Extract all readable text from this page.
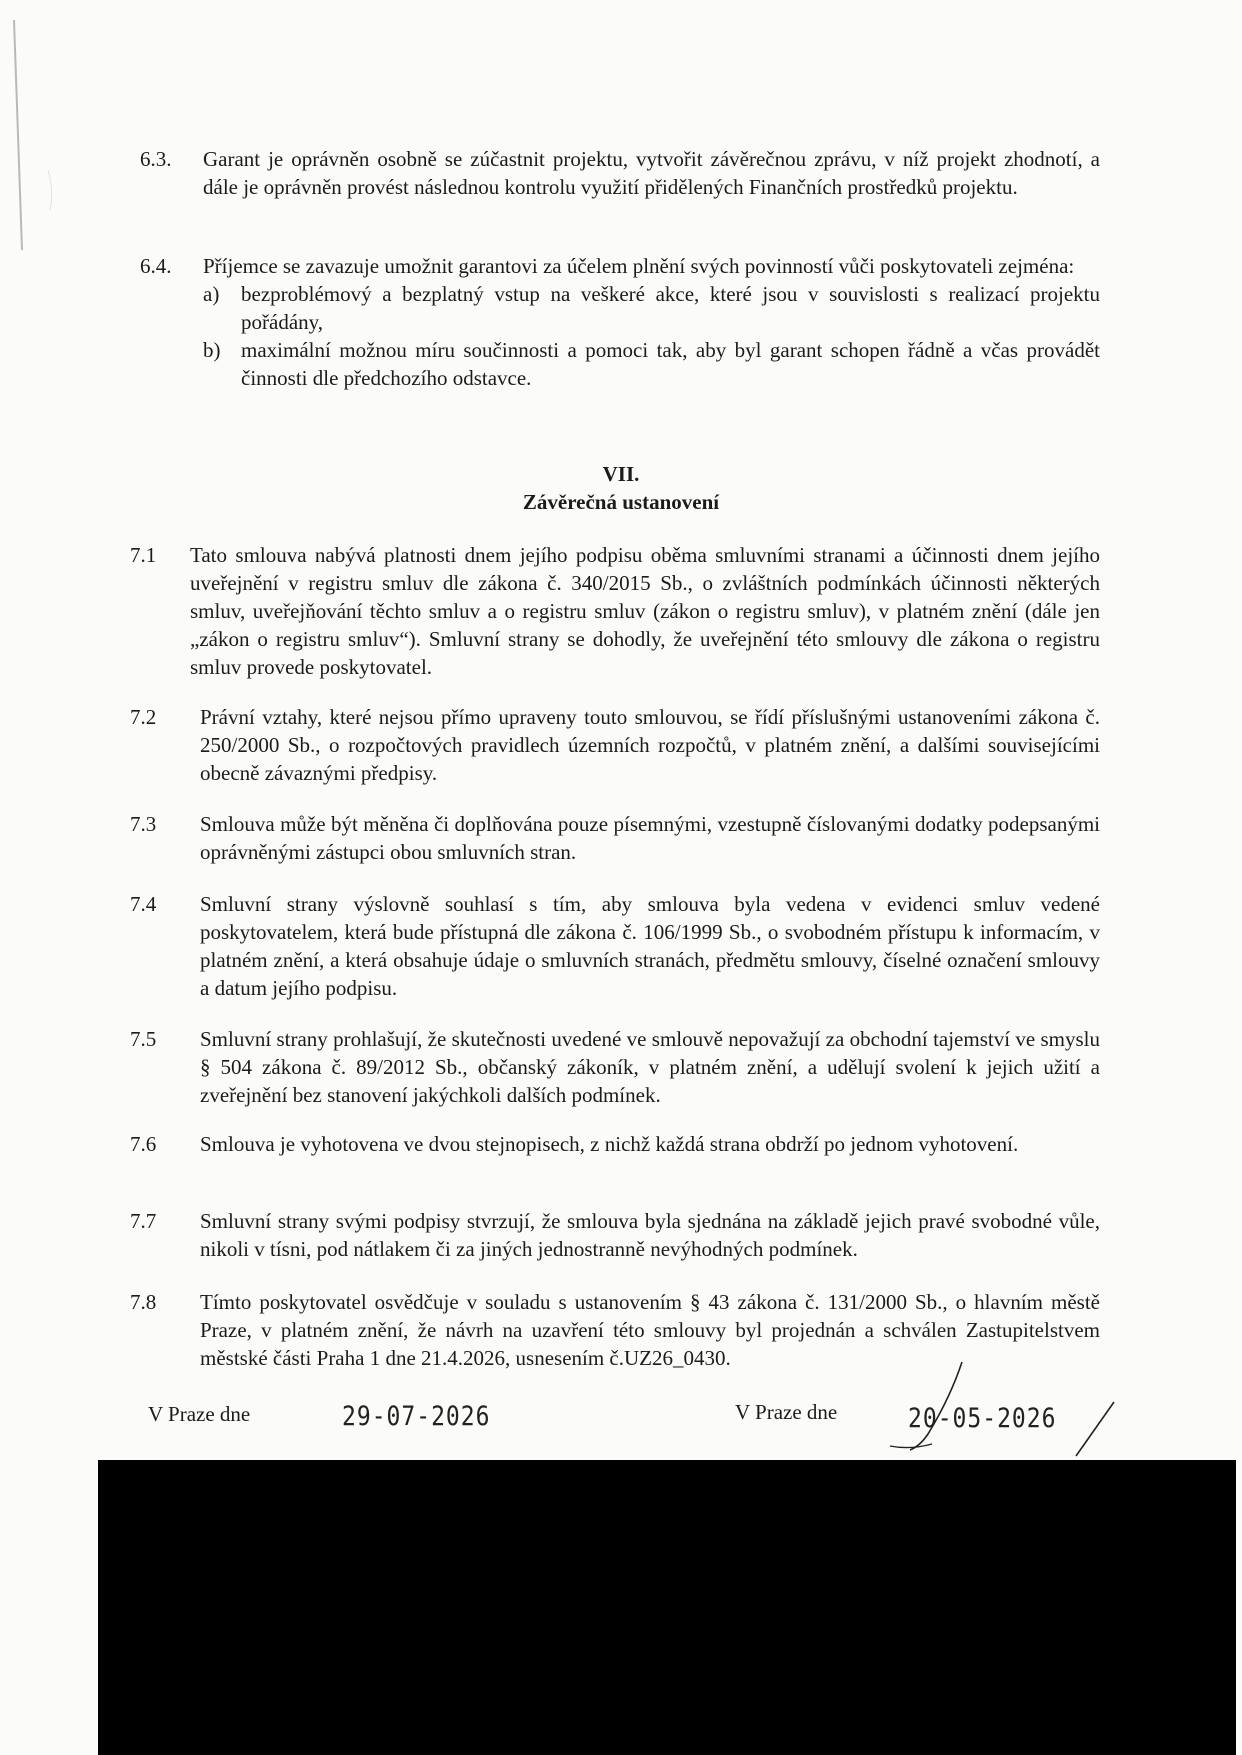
6.3. Garant je oprávněn osobně se zúčastnit projektu, vytvořit závěrečnou zprávu, v níž projekt zhodnotí, a dále je oprávněn provést následnou kontrolu využití přidělených Finančních prostředků projektu.
6.4. Příjemce se zavazuje umožnit garantovi za účelem plnění svých povinností vůči poskytovateli zejména:
a) bezproblémový a bezplatný vstup na veškeré akce, které jsou v souvislosti s realizací projektu pořádány,
b) maximální možnou míru součinnosti a pomoci tak, aby byl garant schopen řádně a včas provádět činnosti dle předchozího odstavce.
VII.
Závěrečná ustanovení
7.1 Tato smlouva nabývá platnosti dnem jejího podpisu oběma smluvními stranami a účinnosti dnem jejího uveřejnění v registru smluv dle zákona č. 340/2015 Sb., o zvláštních podmínkách účinnosti některých smluv, uveřejňování těchto smluv a o registru smluv (zákon o registru smluv), v platném znění (dále jen „zákon o registru smluv“). Smluvní strany se dohodly, že uveřejnění této smlouvy dle zákona o registru smluv provede poskytovatel.
7.2 Právní vztahy, které nejsou přímo upraveny touto smlouvou, se řídí příslušnými ustanoveními zákona č. 250/2000 Sb., o rozpočtových pravidlech územních rozpočtů, v platném znění, a dalšími souvisejícími obecně závaznými předpisy.
7.3 Smlouva může být měněna či doplňována pouze písemnými, vzestupně číslovanými dodatky podepsanými oprávněnými zástupci obou smluvních stran.
7.4 Smluvní strany výslovně souhlasí s tím, aby smlouva byla vedena v evidenci smluv vedené poskytovatelem, která bude přístupná dle zákona č. 106/1999 Sb., o svobodném přístupu k informacím, v platném znění, a která obsahuje údaje o smluvních stranách, předmětu smlouvy, číselné označení smlouvy a datum jejího podpisu.
7.5 Smluvní strany prohlašují, že skutečnosti uvedené ve smlouvě nepovažují za obchodní tajemství ve smyslu § 504 zákona č. 89/2012 Sb., občanský zákoník, v platném znění, a udělují svolení k jejich užití a zveřejnění bez stanovení jakýchkoli dalších podmínek.
7.6 Smlouva je vyhotovena ve dvou stejnopisech, z nichž každá strana obdrží po jednom vyhotovení.
7.7 Smluvní strany svými podpisy stvrzují, že smlouva byla sjednána na základě jejich pravé svobodné vůle, nikoli v tísni, pod nátlakem či za jiných jednostranně nevýhodných podmínek.
7.8 Tímto poskytovatel osvědčuje v souladu s ustanovením § 43 zákona č. 131/2000 Sb., o hlavním městě Praze, v platném znění, že návrh na uzavření této smlouvy byl projednán a schválen Zastupitelstvem městské části Praha 1 dne 21.4.2026, usnesením č.UZ26_0430.
V Praze dne	29-07-2026	V Praze dne	20-05-2026
